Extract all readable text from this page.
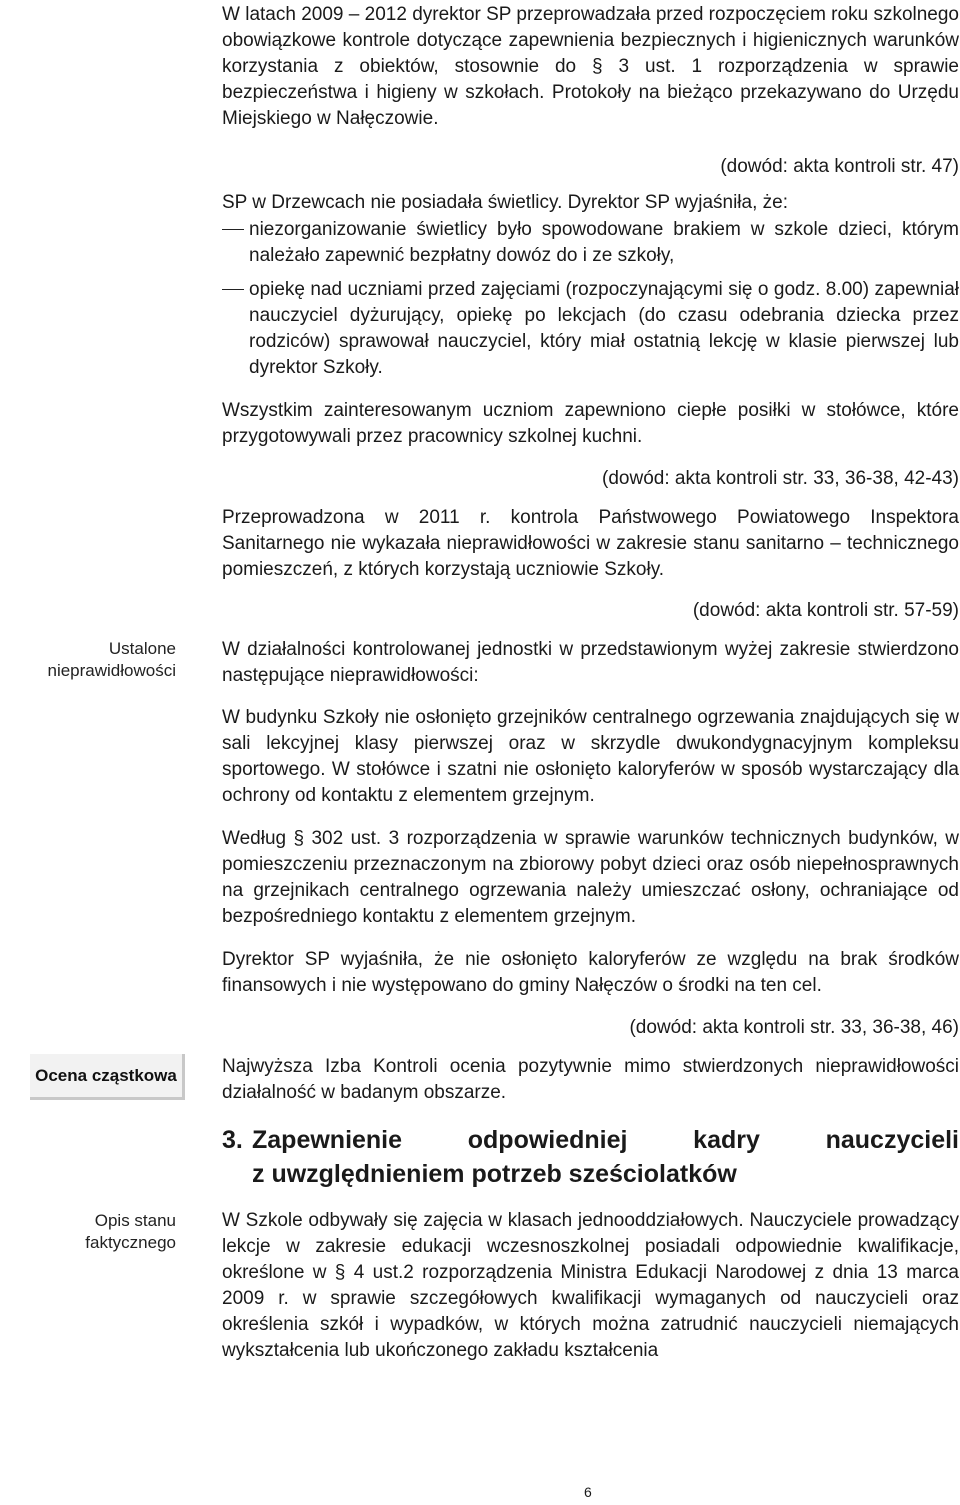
Ustalone nieprawidłowości
Ocena cząstkowa
Opis stanu faktycznego
W latach 2009 – 2012 dyrektor SP przeprowadzała przed rozpoczęciem roku szkolnego obowiązkowe kontrole dotyczące zapewnienia bezpiecznych i higienicznych warunków korzystania z obiektów, stosownie do § 3 ust. 1 rozporządzenia w sprawie bezpieczeństwa i higieny w szkołach. Protokoły na bieżąco przekazywano do Urzędu Miejskiego w Nałęczowie.
(dowód: akta kontroli str. 47)
SP w Drzewcach nie posiadała świetlicy. Dyrektor SP wyjaśniła, że:
niezorganizowanie świetlicy było spowodowane brakiem w szkole dzieci, którym należało zapewnić bezpłatny dowóz do i ze szkoły,
opiekę nad uczniami przed zajęciami (rozpoczynającymi się o godz. 8.00) zapewniał nauczyciel dyżurujący, opiekę po lekcjach (do czasu odebrania dziecka przez rodziców) sprawował nauczyciel, który miał ostatnią lekcję w klasie pierwszej lub dyrektor Szkoły.
Wszystkim zainteresowanym uczniom zapewniono ciepłe posiłki w stołówce, które przygotowywali przez pracownicy szkolnej kuchni.
(dowód: akta kontroli str. 33, 36-38, 42-43)
Przeprowadzona w 2011 r. kontrola Państwowego Powiatowego Inspektora Sanitarnego nie wykazała nieprawidłowości w zakresie stanu sanitarno – technicznego pomieszczeń, z których korzystają uczniowie Szkoły.
(dowód: akta kontroli str. 57-59)
W działalności kontrolowanej jednostki w przedstawionym wyżej zakresie stwierdzono następujące nieprawidłowości:
W budynku Szkoły nie osłonięto grzejników centralnego ogrzewania znajdujących się w sali lekcyjnej klasy pierwszej oraz w skrzydle dwukondygnacyjnym kompleksu sportowego. W stołówce i szatni nie osłonięto kaloryferów w sposób wystarczający dla ochrony od kontaktu z elementem grzejnym.
Według § 302 ust. 3 rozporządzenia w sprawie warunków technicznych budynków, w pomieszczeniu przeznaczonym na zbiorowy pobyt dzieci oraz osób niepełnosprawnych na grzejnikach centralnego ogrzewania należy umieszczać osłony, ochraniające od bezpośredniego kontaktu z elementem grzejnym.
Dyrektor SP wyjaśniła, że nie osłonięto kaloryferów ze względu na brak środków finansowych i nie występowano do gminy Nałęczów o środki na ten cel.
(dowód: akta kontroli str. 33, 36-38, 46)
Najwyższa Izba Kontroli ocenia pozytywnie mimo stwierdzonych nieprawidłowości działalność w badanym obszarze.
3. Zapewnienie	odpowiedniej	kadry	nauczycieli
z uwzględnieniem potrzeb sześciolatków
W Szkole odbywały się zajęcia w klasach jednooddziałowych. Nauczyciele prowadzący lekcje w zakresie edukacji wczesnoszkolnej posiadali odpowiednie kwalifikacje, określone w § 4 ust.2 rozporządzenia Ministra Edukacji Narodowej z dnia 13 marca 2009 r. w sprawie szczegółowych kwalifikacji wymaganych od nauczycieli oraz określenia szkół i wypadków, w których można zatrudnić nauczycieli niemających wykształcenia lub ukończonego zakładu kształcenia
6
